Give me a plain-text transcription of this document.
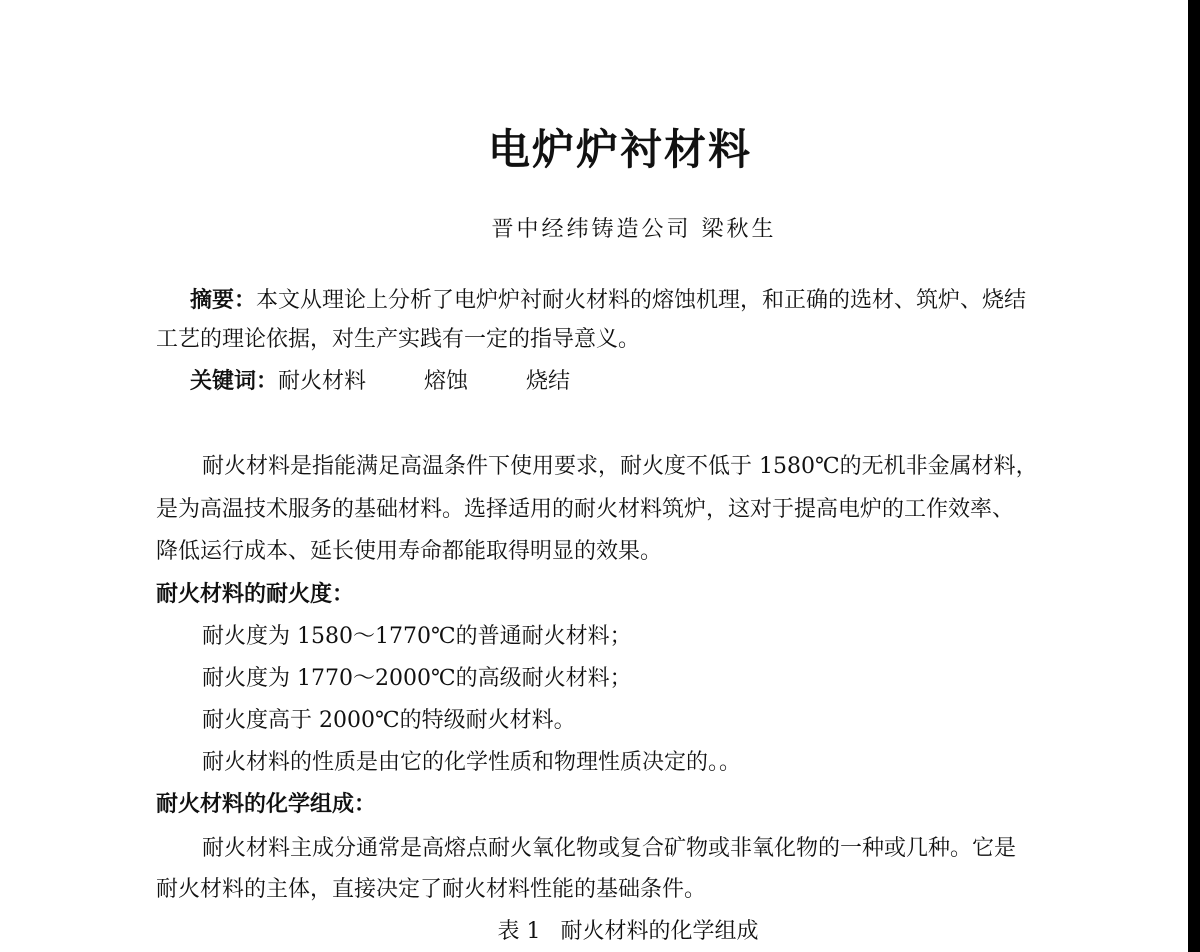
电炉炉衬材料
晋中经纬铸造公司 梁秋生
摘要：本文从理论上分析了电炉炉衬耐火材料的熔蚀机理，和正确的选材、筑炉、烧结
工艺的理论依据，对生产实践有一定的指导意义。
关键词：耐火材料	熔蚀	烧结
耐火材料是指能满足高温条件下使用要求，耐火度不低于 1580℃的无机非金属材料，
是为高温技术服务的基础材料。选择适用的耐火材料筑炉，这对于提高电炉的工作效率、
降低运行成本、延长使用寿命都能取得明显的效果。
耐火材料的耐火度：
耐火度为 1580～1770℃的普通耐火材料；
耐火度为 1770～2000℃的高级耐火材料；
耐火度高于 2000℃的特级耐火材料。
耐火材料的性质是由它的化学性质和物理性质决定的。。
耐火材料的化学组成：
耐火材料主成分通常是高熔点耐火氧化物或复合矿物或非氧化物的一种或几种。它是
耐火材料的主体，直接决定了耐火材料性能的基础条件。
表 1 耐火材料的化学组成
